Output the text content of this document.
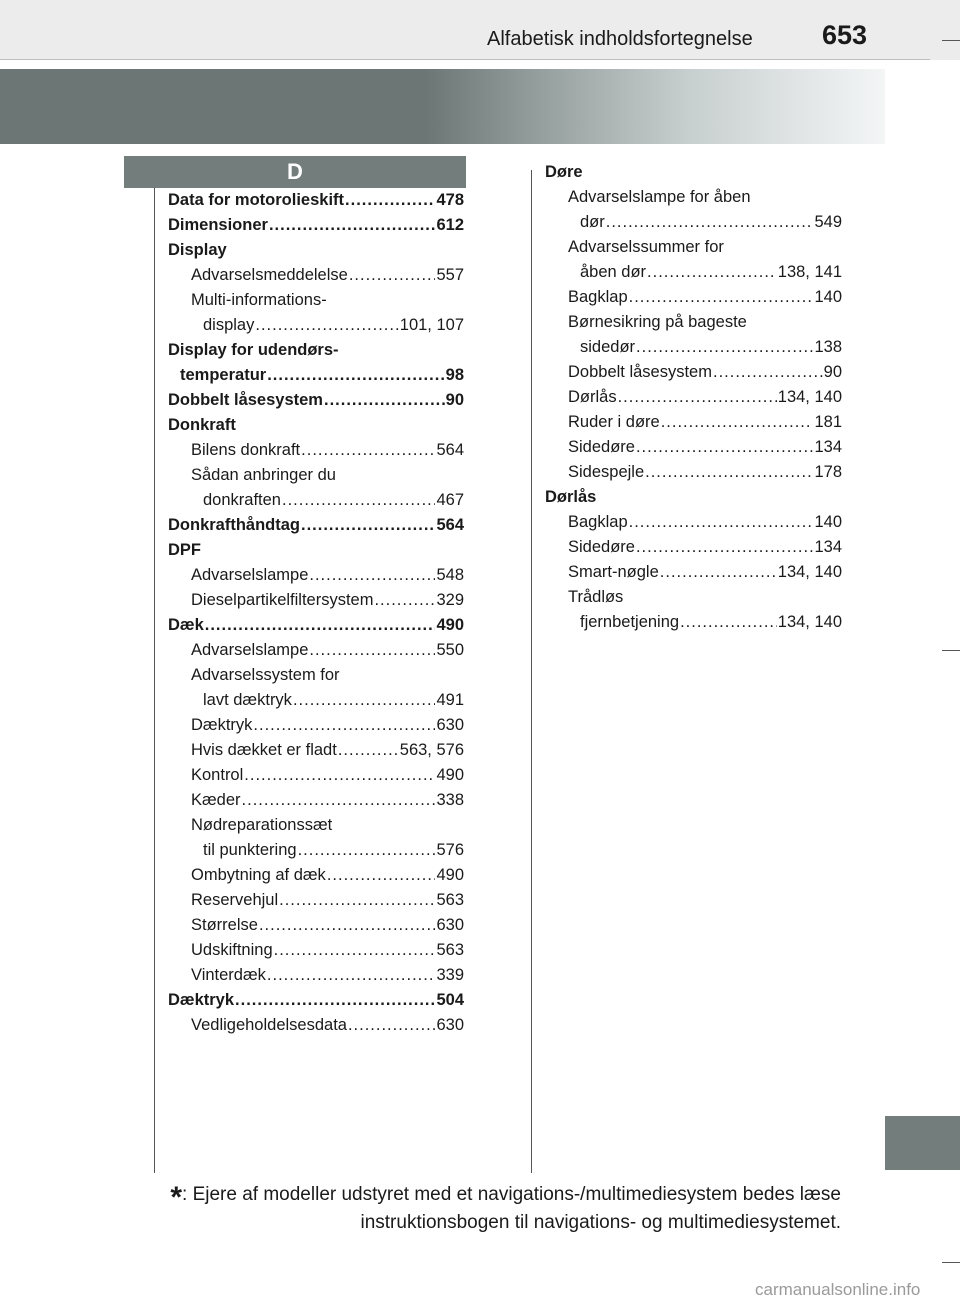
Alfabetisk indholdsfortegnelse	653
D
Data for motorolieskift .....	478
Dimensioner .....	612
Display
Advarselsmeddelelse .....	557
Multi-informations-
display .....	101, 107
Display for udendørs-
temperatur .....	98
Dobbelt låsesystem .....	90
Donkraft
Bilens donkraft .....	564
Sådan anbringer du
donkraften .....	467
Donkrafthåndtag .....	564
DPF
Advarselslampe .....	548
Dieselpartikelfiltersystem .....	329
Dæk .....	490
Advarselslampe .....	550
Advarselssystem for
lavt dæktryk .....	491
Dæktryk .....	630
Hvis dækket er fladt .....	563, 576
Kontrol .....	490
Kæder .....	338
Nødreparationssæt
til punktering .....	576
Ombytning af dæk .....	490
Reservehjul .....	563
Størrelse .....	630
Udskiftning .....	563
Vinterdæk .....	339
Dæktryk .....	504
Vedligeholdelsesdata .....	630
Døre
Advarselslampe for åben
dør .....	549
Advarselssummer for
åben dør .....	138, 141
Bagklap .....	140
Børnesikring på bageste
sidedør .....	138
Dobbelt låsesystem .....	90
Dørlås .....	134, 140
Ruder i døre .....	181
Sidedøre .....	134
Sidespejle .....	178
Dørlås
Bagklap .....	140
Sidedøre .....	134
Smart-nøgle .....	134, 140
Trådløs
fjernbetjening .....	134, 140
*: Ejere af modeller udstyret med et navigations-/multimediesystem bedes læse
instruktionsbogen til navigations- og multimediesystemet.
carmanualsonline.info
